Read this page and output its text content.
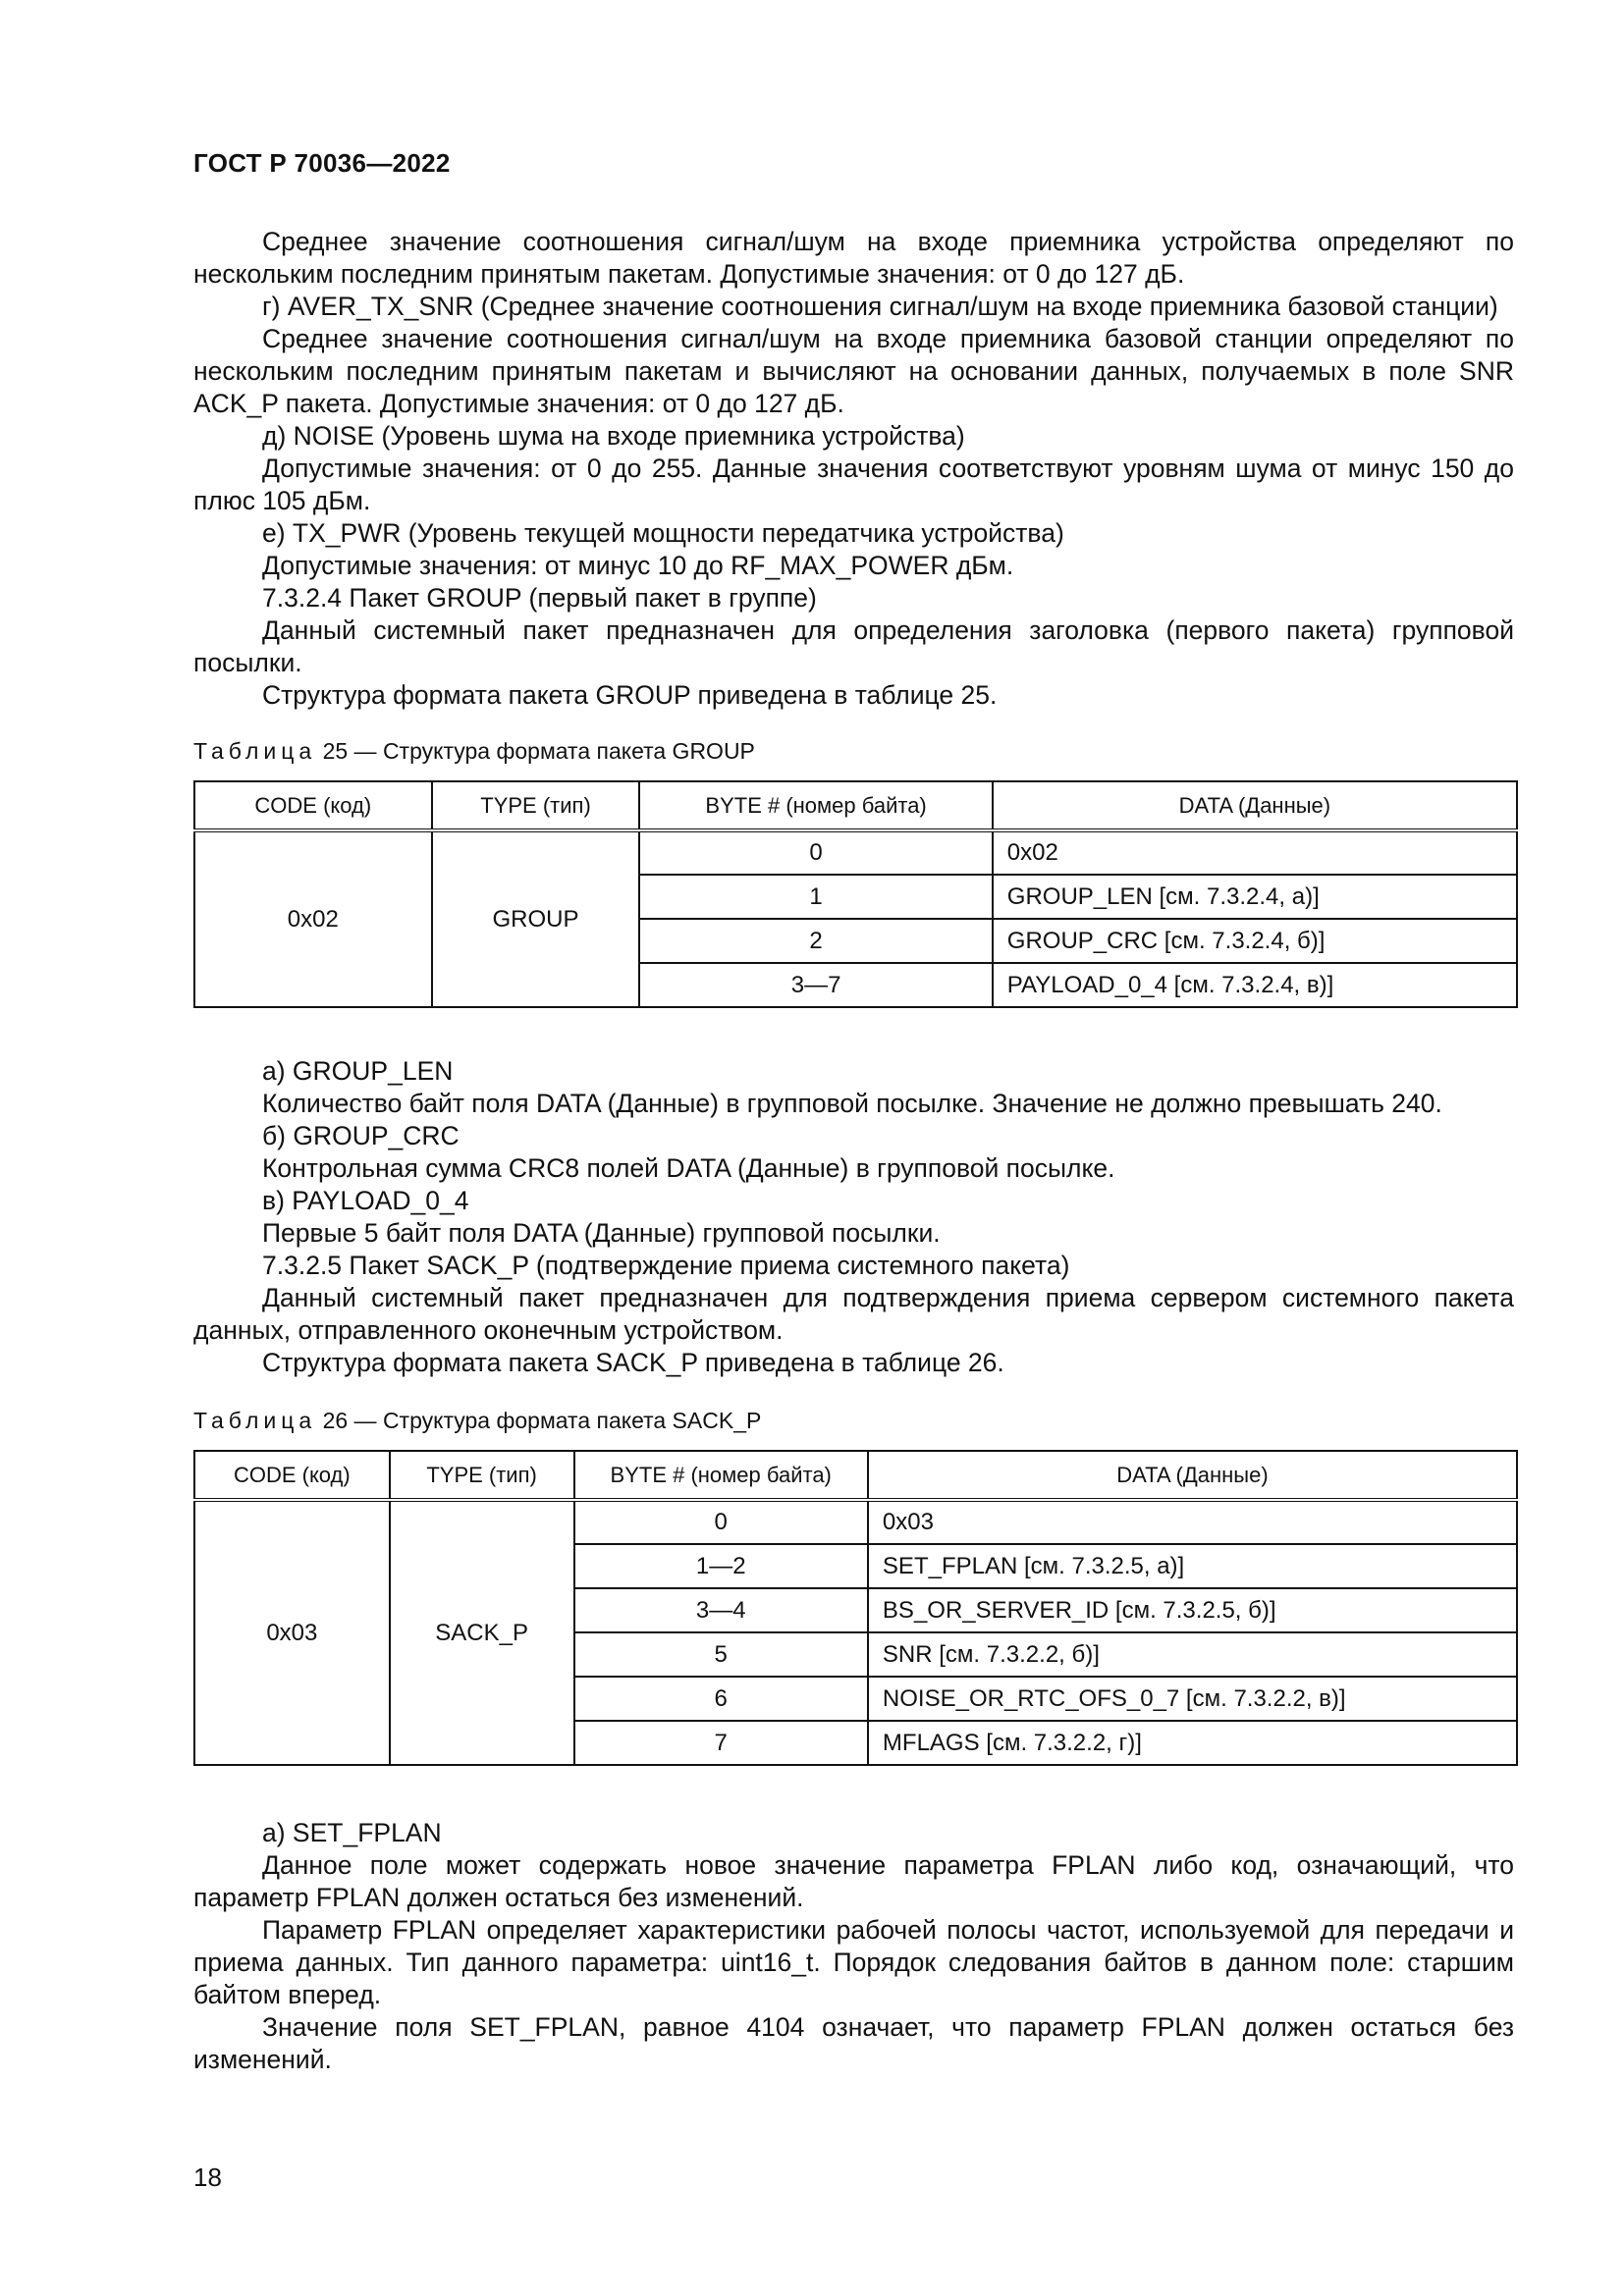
ГОСТ Р 70036—2022

Среднее значение соотношения сигнал/шум на входе приемника устройства определяют по нескольким последним принятым пакетам. Допустимые значения: от 0 до 127 дБ.

г) AVER_TX_SNR (Среднее значение соотношения сигнал/шум на входе приемника базовой станции)

Среднее значение соотношения сигнал/шум на входе приемника базовой станции определяют по нескольким последним принятым пакетам и вычисляют на основании данных, получаемых в поле SNR ACK_P пакета. Допустимые значения: от 0 до 127 дБ.

д) NOISE (Уровень шума на входе приемника устройства)

Допустимые значения: от 0 до 255. Данные значения соответствуют уровням шума от минус 150 до плюс 105 дБм.

е) TX_PWR (Уровень текущей мощности передатчика устройства)

Допустимые значения: от минус 10 до RF_MAX_POWER дБм.

7.3.2.4 Пакет GROUP (первый пакет в группе)

Данный системный пакет предназначен для определения заголовка (первого пакета) групповой посылки.

Структура формата пакета GROUP приведена в таблице 25.

Таблица 25 — Структура формата пакета GROUP
CODE (код)	TYPE (тип)	BYTE # (номер байта)	DATA (Данные)
0x02	GROUP	0	0x02
		1	GROUP_LEN [см. 7.3.2.4, а)]
		2	GROUP_CRC [см. 7.3.2.4, б)]
		3—7	PAYLOAD_0_4 [см. 7.3.2.4, в)]

а) GROUP_LEN

Количество байт поля DATA (Данные) в групповой посылке. Значение не должно превышать 240.

б) GROUP_CRC

Контрольная сумма CRC8 полей DATA (Данные) в групповой посылке.

в) PAYLOAD_0_4

Первые 5 байт поля DATA (Данные) групповой посылки.

7.3.2.5 Пакет SACK_P (подтверждение приема системного пакета)

Данный системный пакет предназначен для подтверждения приема сервером системного пакета данных, отправленного оконечным устройством.

Структура формата пакета SACK_P приведена в таблице 26.

Таблица 26 — Структура формата пакета SACK_P
CODE (код)	TYPE (тип)	BYTE # (номер байта)	DATA (Данные)
0x03	SACK_P	0	0x03
		1—2	SET_FPLAN [см. 7.3.2.5, а)]
		3—4	BS_OR_SERVER_ID [см. 7.3.2.5, б)]
		5	SNR [см. 7.3.2.2, б)]
		6	NOISE_OR_RTC_OFS_0_7 [см. 7.3.2.2, в)]
		7	MFLAGS [см. 7.3.2.2, г)]

а) SET_FPLAN

Данное поле может содержать новое значение параметра FPLAN либо код, означающий, что параметр FPLAN должен остаться без изменений.

Параметр FPLAN определяет характеристики рабочей полосы частот, используемой для передачи и приема данных. Тип данного параметра: uint16_t. Порядок следования байтов в данном поле: старшим байтом вперед.

Значение поля SET_FPLAN, равное 4104 означает, что параметр FPLAN должен остаться без изменений.

18
